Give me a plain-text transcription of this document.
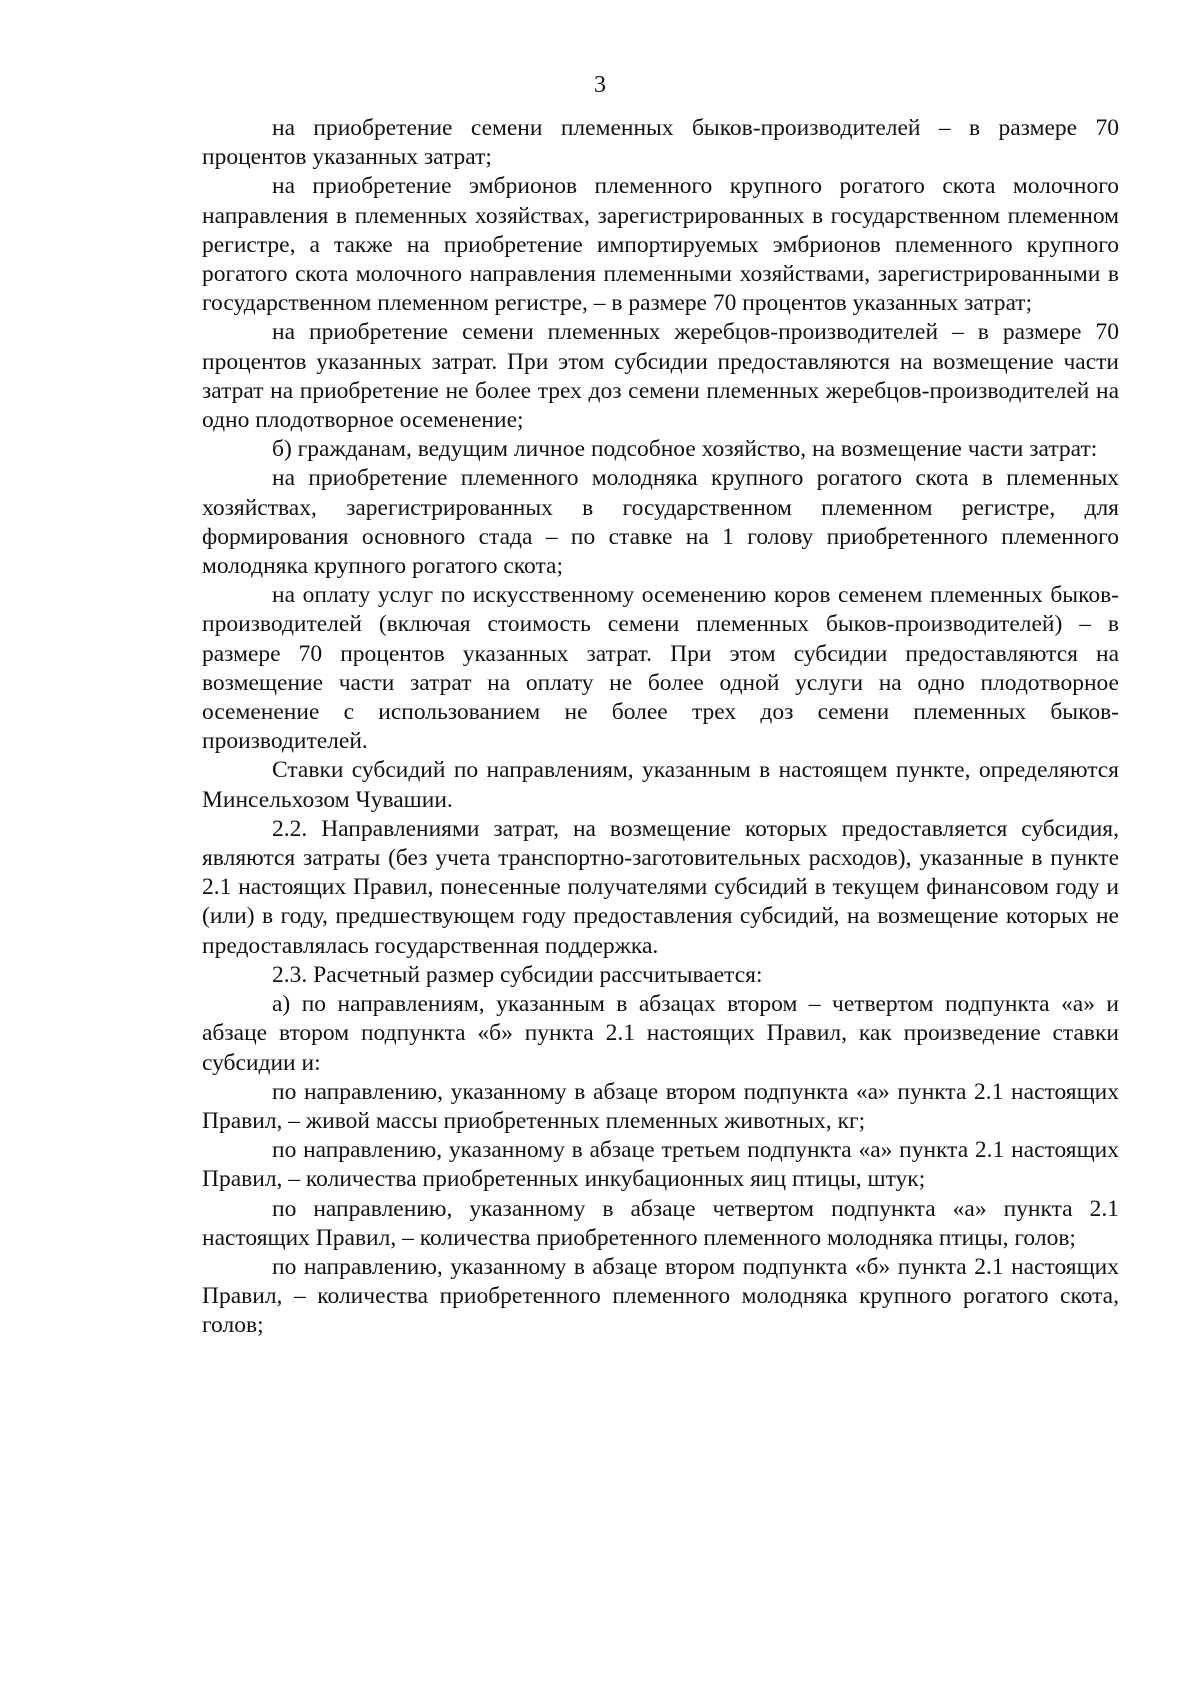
3

на приобретение семени племенных быков-производителей – в размере 70 процентов указанных затрат;

на приобретение эмбрионов племенного крупного рогатого скота молочного направления в племенных хозяйствах, зарегистрированных в государственном племенном регистре, а также на приобретение импортируемых эмбрионов племенного крупного рогатого скота молочного направления племенными хозяйствами, зарегистрированными в государственном племенном регистре, – в размере 70 процентов указанных затрат;

на приобретение семени племенных жеребцов-производителей – в размере 70 процентов указанных затрат. При этом субсидии предоставляются на возмещение части затрат на приобретение не более трех доз семени племенных жеребцов-производителей на одно плодотворное осеменение;

б) гражданам, ведущим личное подсобное хозяйство, на возмещение части затрат:

на приобретение племенного молодняка крупного рогатого скота в племенных хозяйствах, зарегистрированных в государственном племенном регистре, для формирования основного стада – по ставке на 1 голову приобретенного племенного молодняка крупного рогатого скота;

на оплату услуг по искусственному осеменению коров семенем племенных быков-производителей (включая стоимость семени племенных быков-производителей) – в размере 70 процентов указанных затрат. При этом субсидии предоставляются на возмещение части затрат на оплату не более одной услуги на одно плодотворное осеменение с использованием не более трех доз семени племенных быков-производителей.

Ставки субсидий по направлениям, указанным в настоящем пункте, определяются Минсельхозом Чувашии.

2.2. Направлениями затрат, на возмещение которых предоставляется субсидия, являются затраты (без учета транспортно-заготовительных расходов), указанные в пункте 2.1 настоящих Правил, понесенные получателями субсидий в текущем финансовом году и (или) в году, предшествующем году предоставления субсидий, на возмещение которых не предоставлялась государственная поддержка.

2.3. Расчетный размер субсидии рассчитывается:

а) по направлениям, указанным в абзацах втором – четвертом подпункта «а» и абзаце втором подпункта «б» пункта 2.1 настоящих Правил, как произведение ставки субсидии и:

по направлению, указанному в абзаце втором подпункта «а» пункта 2.1 настоящих Правил, – живой массы приобретенных племенных животных, кг;

по направлению, указанному в абзаце третьем подпункта «а» пункта 2.1 настоящих Правил, – количества приобретенных инкубационных яиц птицы, штук;

по направлению, указанному в абзаце четвертом подпункта «а» пункта 2.1 настоящих Правил, – количества приобретенного племенного молодняка птицы, голов;

по направлению, указанному в абзаце втором подпункта «б» пункта 2.1 настоящих Правил, – количества приобретенного племенного молодняка крупного рогатого скота, голов;
